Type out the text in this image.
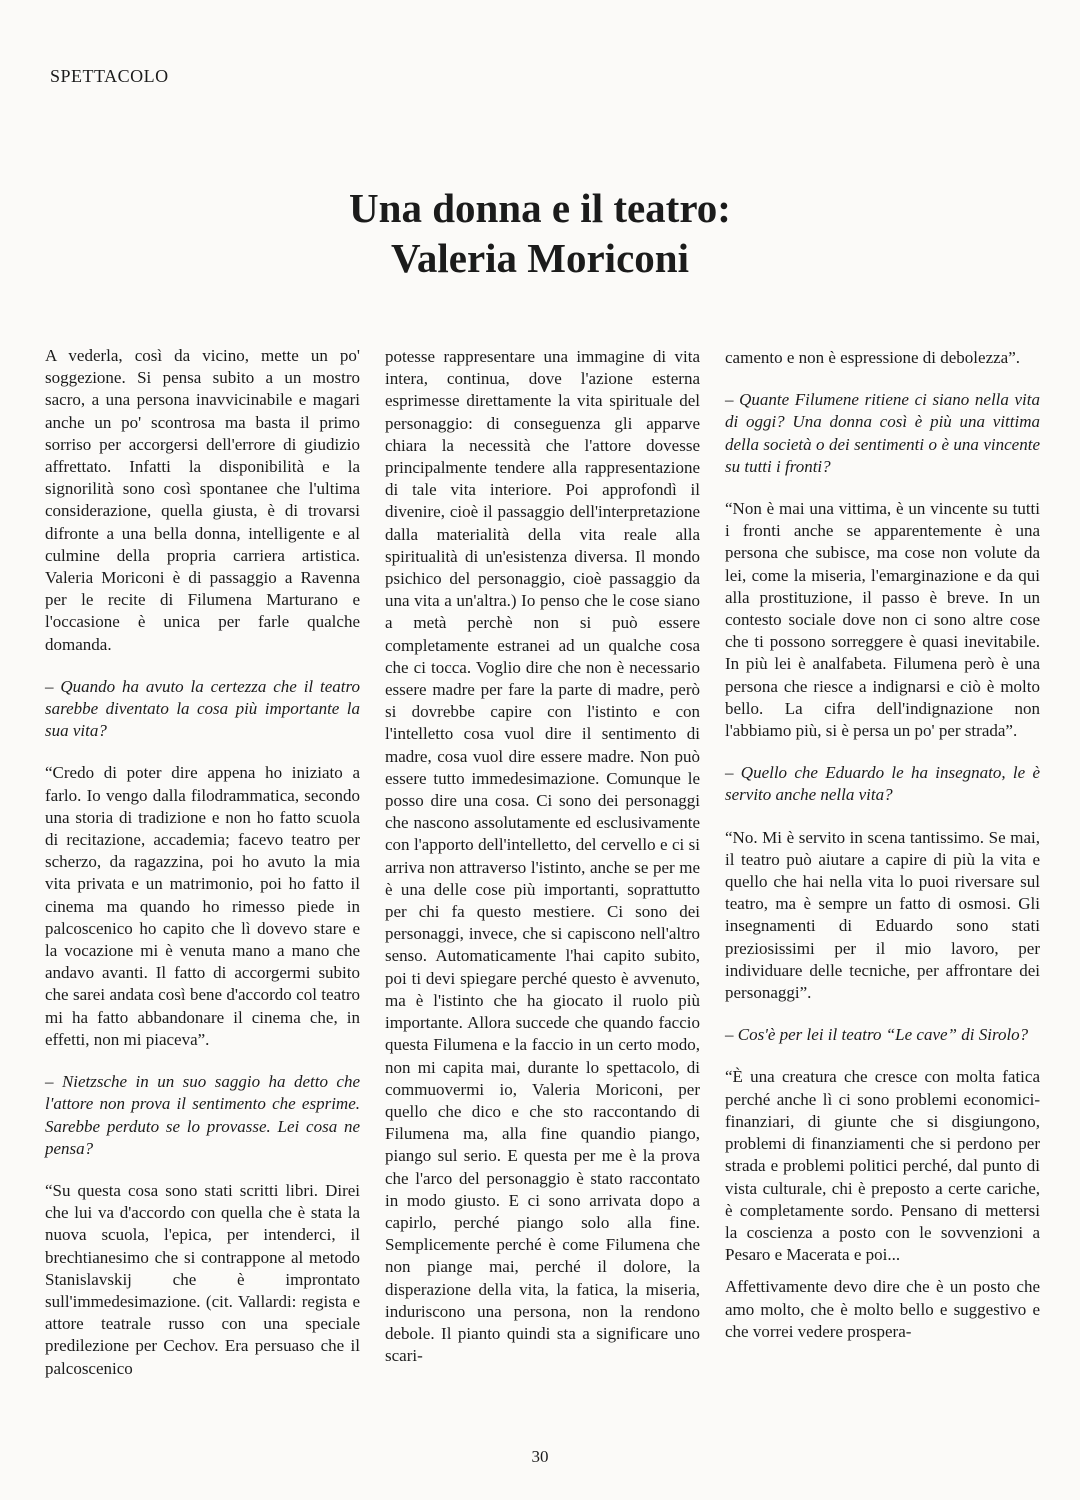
SPETTACOLO
Una donna e il teatro:
Valeria Moriconi

A vederla, così da vicino, mette un po' soggezione. Si pensa subito a un mostro sacro, a una persona inavvicinabile e magari anche un po' scontrosa ma basta il primo sorriso per accorgersi dell'errore di giudizio affrettato. Infatti la disponibilità e la signorilità sono così spontanee che l'ultima considerazione, quella giusta, è di trovarsi difronte a una bella donna, intelligente e al culmine della propria carriera artistica. Valeria Moriconi è di passaggio a Ravenna per le recite di Filumena Marturano e l'occasione è unica per farle qualche domanda.

– Quando ha avuto la certezza che il teatro sarebbe diventato la cosa più importante la sua vita?

“Credo di poter dire appena ho iniziato a farlo. Io vengo dalla filodrammatica, secondo una storia di tradizione e non ho fatto scuola di recitazione, accademia; facevo teatro per scherzo, da ragazzina, poi ho avuto la mia vita privata e un matrimonio, poi ho fatto il cinema ma quando ho rimesso piede in palcoscenico ho capito che lì dovevo stare e la vocazione mi è venuta mano a mano che andavo avanti. Il fatto di accorgermi subito che sarei andata così bene d'accordo col teatro mi ha fatto abbandonare il cinema che, in effetti, non mi piaceva”.

– Nietzsche in un suo saggio ha detto che l'attore non prova il sentimento che esprime. Sarebbe perduto se lo provasse. Lei cosa ne pensa?

“Su questa cosa sono stati scritti libri. Direi che lui va d'accordo con quella che è stata la nuova scuola, l'epica, per intenderci, il brechtianesimo che si contrappone al metodo Stanislavskij che è improntato sull'immedesimazione. (cit. Vallardi: regista e attore teatrale russo con una speciale predilezione per Cechov. Era persuaso che il palcoscenico

potesse rappresentare una immagine di vita intera, continua, dove l'azione esterna esprimesse direttamente la vita spirituale del personaggio: di conseguenza gli apparve chiara la necessità che l'attore dovesse principalmente tendere alla rappresentazione di tale vita interiore. Poi approfondì il divenire, cioè il passaggio dell'interpretazione dalla materialità della vita reale alla spiritualità di un'esistenza diversa. Il mondo psichico del personaggio, cioè passaggio da una vita a un'altra.) Io penso che le cose siano a metà perchè non si può essere completamente estranei ad un qualche cosa che ci tocca. Voglio dire che non è necessario essere madre per fare la parte di madre, però si dovrebbe capire con l'istinto e con l'intelletto cosa vuol dire il sentimento di madre, cosa vuol dire essere madre. Non può essere tutto immedesimazione. Comunque le posso dire una cosa. Ci sono dei personaggi che nascono assolutamente ed esclusivamente con l'apporto dell'intelletto, del cervello e ci si arriva non attraverso l'istinto, anche se per me è una delle cose più importanti, soprattutto per chi fa questo mestiere. Ci sono dei personaggi, invece, che si capiscono nell'altro senso. Automaticamente l'hai capito subito, poi ti devi spiegare perché questo è avvenuto, ma è l'istinto che ha giocato il ruolo più importante. Allora succede che quando faccio questa Filumena e la faccio in un certo modo, non mi capita mai, durante lo spettacolo, di commuovermi io, Valeria Moriconi, per quello che dico e che sto raccontando di Filumena ma, alla fine quandio piango, piango sul serio. E questa per me è la prova che l'arco del personaggio è stato raccontato in modo giusto. E ci sono arrivata dopo a capirlo, perché piango solo alla fine. Semplicemente perché è come Filumena che non piange mai, perché il dolore, la disperazione della vita, la fatica, la miseria, induriscono una persona, non la rendono debole. Il pianto quindi sta a significare uno scari-

camento e non è espressione di debolezza”.

– Quante Filumene ritiene ci siano nella vita di oggi? Una donna così è più una vittima della società o dei sentimenti o è una vincente su tutti i fronti?

“Non è mai una vittima, è un vincente su tutti i fronti anche se apparentemente è una persona che subisce, ma cose non volute da lei, come la miseria, l'emarginazione e da qui alla prostituzione, il passo è breve. In un contesto sociale dove non ci sono altre cose che ti possono sorreggere è quasi inevitabile. In più lei è analfabeta. Filumena però è una persona che riesce a indignarsi e ciò è molto bello. La cifra dell'indignazione non l'abbiamo più, si è persa un po' per strada”.

– Quello che Eduardo le ha insegnato, le è servito anche nella vita?

“No. Mi è servito in scena tantissimo. Se mai, il teatro può aiutare a capire di più la vita e quello che hai nella vita lo puoi riversare sul teatro, ma è sempre un fatto di osmosi. Gli insegnamenti di Eduardo sono stati preziosissimi per il mio lavoro, per individuare delle tecniche, per affrontare dei personaggi”.

– Cos'è per lei il teatro “Le cave” di Sirolo?

“È una creatura che cresce con molta fatica perché anche lì ci sono problemi economici-finanziari, di giunte che si disgiungono, problemi di finanziamenti che si perdono per strada e problemi politici perché, dal punto di vista culturale, chi è preposto a certe cariche, è completamente sordo. Pensano di mettersi la coscienza a posto con le sovvenzioni a Pesaro e Macerata e poi...

Affettivamente devo dire che è un posto che amo molto, che è molto bello e suggestivo e che vorrei vedere prospera-

30
